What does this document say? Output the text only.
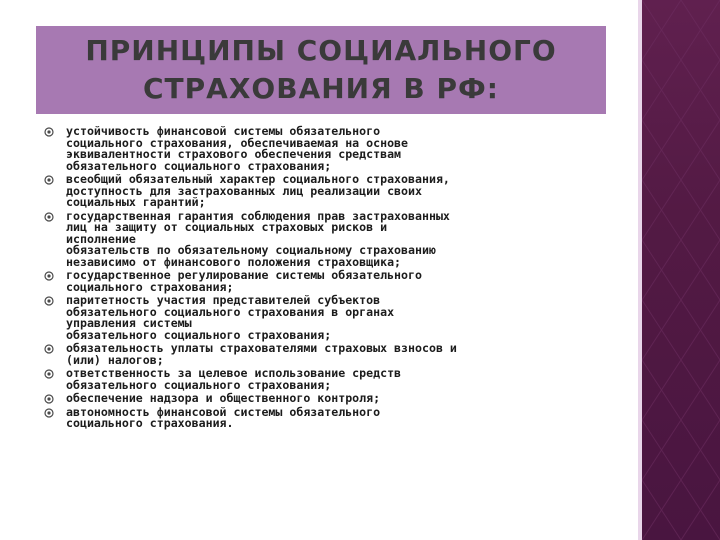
ПРИНЦИПЫ СОЦИАЛЬНОГО
СТРАХОВАНИЯ В РФ:
устойчивость финансовой системы обязательного
социального страхования, обеспечиваемая на основе
эквивалентности страхового обеспечения средствам
обязательного социального страхования;
всеобщий обязательный характер социального страхования,
доступность для застрахованных лиц реализации своих
социальных гарантий;
государственная гарантия соблюдения прав застрахованных
лиц на защиту от социальных страховых рисков и
исполнение
обязательств по обязательному социальному страхованию
независимо от финансового положения страховщика;
государственное регулирование системы обязательного
социального страхования;
паритетность участия представителей субъектов
обязательного социального страхования в органах
управления системы
обязательного социального страхования;
обязательность уплаты страхователями страховых взносов и
(или) налогов;
ответственность за целевое использование средств
обязательного социального страхования;
обеспечение надзора и общественного контроля;
автономность финансовой системы обязательного
социального страхования.
